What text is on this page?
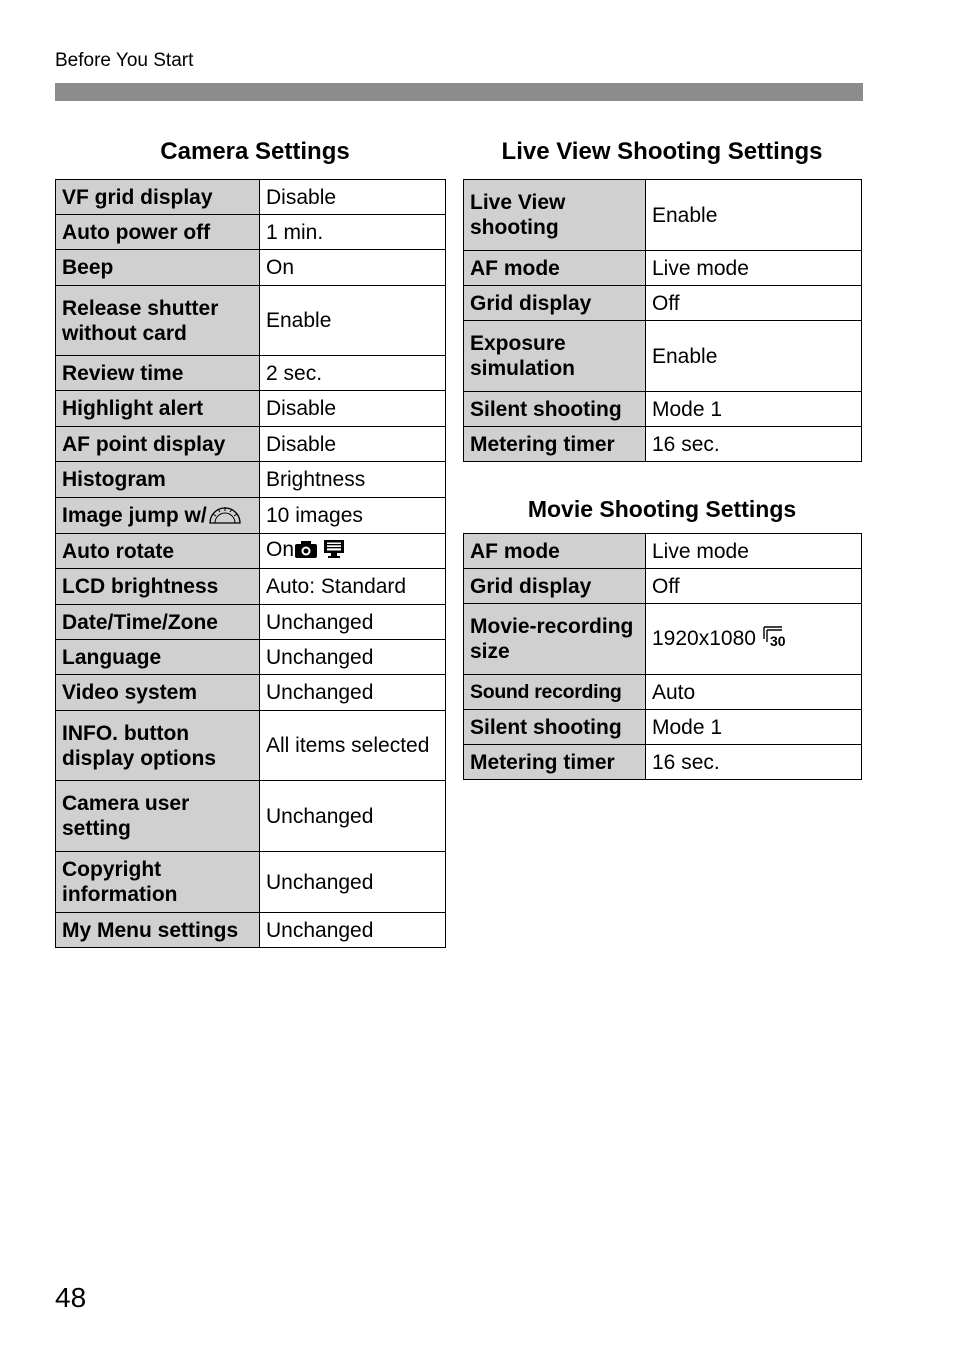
Before You Start
Camera Settings
VF grid display	Disable
Auto power off	1 min.
Beep	On
Release shutter without card	Enable
Review time	2 sec.
Highlight alert	Disable
AF point display	Disable
Histogram	Brightness
Image jump w/	10 images
Auto rotate	On
LCD brightness	Auto: Standard
Date/Time/Zone	Unchanged
Language	Unchanged
Video system	Unchanged
INFO. button display options	All items selected
Camera user setting	Unchanged
Copyright information	Unchanged
My Menu settings	Unchanged
Live View Shooting Settings
Live View shooting	Enable
AF mode	Live mode
Grid display	Off
Exposure simulation	Enable
Silent shooting	Mode 1
Metering timer	16 sec.
Movie Shooting Settings
AF mode	Live mode
Grid display	Off
Movie-recording size	1920x1080 30

Sound recording	Auto
Silent shooting	Mode 1
Metering timer	16 sec.
48
